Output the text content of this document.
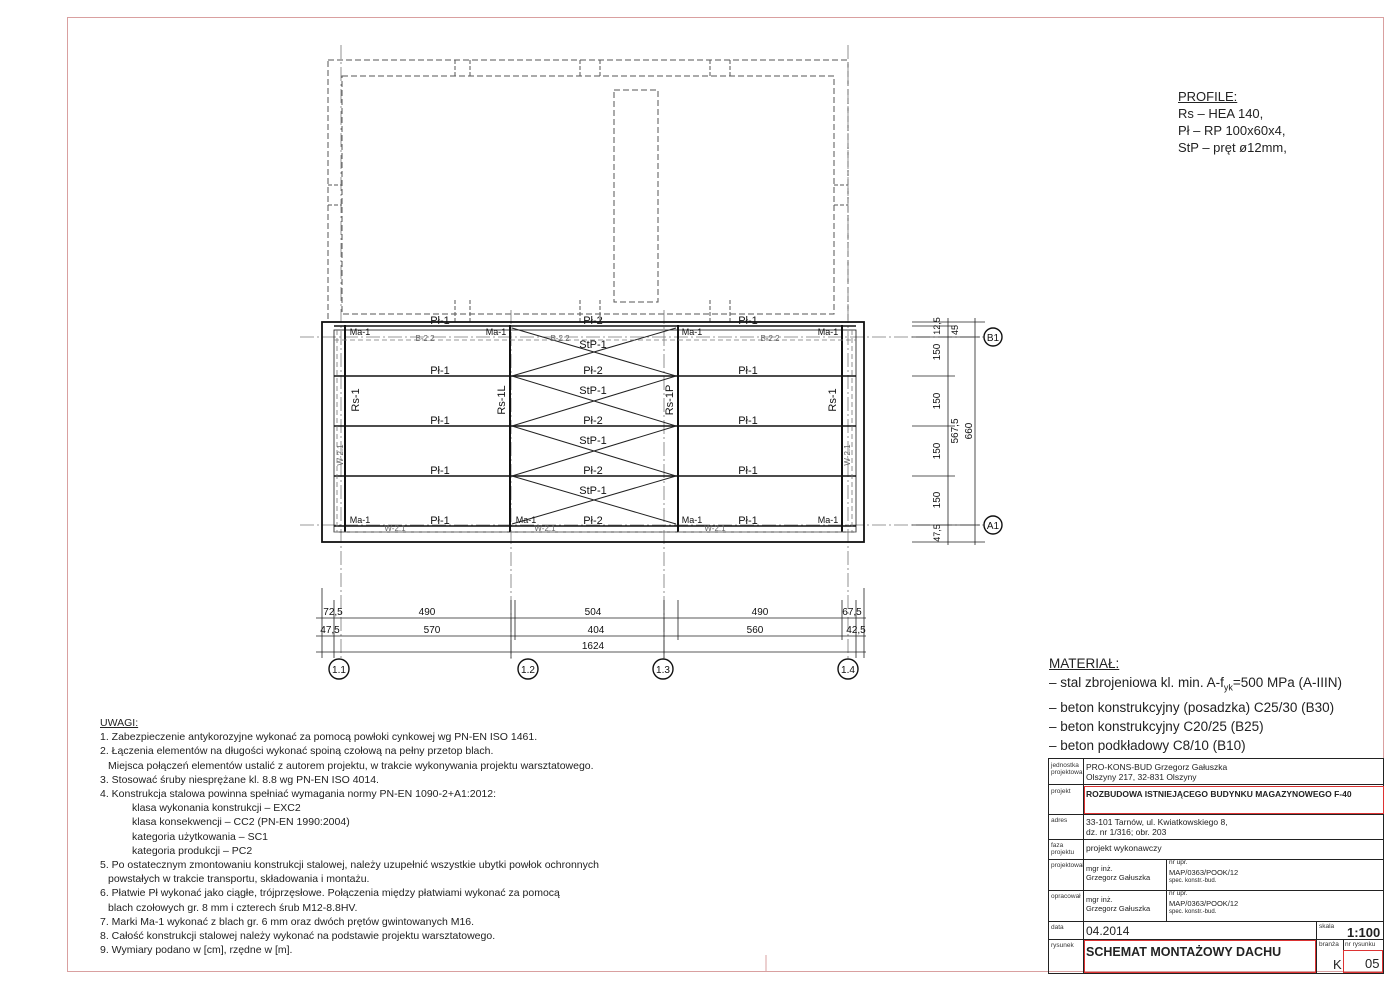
B1
A1
1.1	1.2	1.3	1.4
Pł-1
Pł-1
Pł-1
Pł-1
Pł-1
Pł-2
Pł-2
Pł-2
Pł-2
Pł-2
Pł-1
Pł-1
Pł-1
Pł-1
Pł-1
StP-1
StP-1
StP-1
StP-1
Rs-1	Rs-1L	Rs-1P	Rs-1
Ma-1	Ma-1	Ma-1	Ma-1
Ma-1	Ma-1	Ma-1	Ma-1
B-2.2	B-2.2	B-2.2
W-2.1	W-2.1	W-2.1
W-2.1	W-2.1
72,5	490	504	490	67,5
47,5	570	404	560	42,5
1624
12,5 45
150
150
150
150
47,5
567,5 660
PROFILE:
Rs – HEA 140,
Pł – RP 100x60x4,
StP – pręt ø12mm,
MATERIAŁ:
– stal zbrojeniowa kl. min. $A-f_{yk}=500$ MPa (A-IIIN)
– beton konstrukcyjny (posadzka) C25/30 (B30)
– beton konstrukcyjny C20/25 (B25)
– beton podkładowy C8/10 (B10)
UWAGI:
1. Zabezpieczenie antykorozyjne wykonać za pomocą powłoki cynkowej wg PN-EN ISO 1461.
2. Łączenia elementów na długości wykonać spoiną czołową na pełny przetop blach.
Miejsca połączeń elementów ustalić z autorem projektu, w trakcie wykonywania projektu warsztatowego.
3. Stosować śruby niesprężane kl. 8.8 wg PN-EN ISO 4014.
4. Konstrukcja stalowa powinna spełniać wymagania normy PN-EN 1090-2+A1:2012:
klasa wykonania konstrukcji – EXC2
klasa konsekwencji – CC2 (PN-EN 1990:2004)
kategoria użytkowania – SC1
kategoria produkcji – PC2
5. Po ostatecznym zmontowaniu konstrukcji stalowej, należy uzupełnić wszystkie ubytki powłok ochronnych
powstałych w trakcie transportu, składowania i montażu.
6. Płatwie Pł wykonać jako ciągłe, trójprzęsłowe. Połączenia między płatwiami wykonać za pomocą
blach czołowych gr. 8 mm i czterech śrub M12-8.8HV.
7. Marki Ma-1 wykonać z blach gr. 6 mm oraz dwóch prętów gwintowanych M16.
8. Całość konstrukcji stalowej należy wykonać na podstawie projektu warsztatowego.
9. Wymiary podano w [cm], rzędne w [m].
jednostka projektowa
PRO-KONS-BUD Grzegorz Gałuszka
Olszyny 217, 32-831 Olszyny
projekt ROZBUDOWA ISTNIEJĄCEGO BUDYNKU MAGAZYNOWEGO F-40
adres 33-101 Tarnów, ul. Kwiatkowskiego 8,
dz. nr 1/316; obr. 203
faza projektu	projekt wykonawczy
projektował mgr inż.
Grzegorz Gałuszka
nr upr.
MAP/0363/POOK/12
spec. konstr.-bud.
opracował mgr inż.
Grzegorz Gałuszka
nr upr.
MAP/0363/POOK/12
spec. konstr.-bud.
data 04.2014	skala 1:100
rysunek SCHEMAT MONTAŻOWY DACHU
branża
K
nr rysunku
05
